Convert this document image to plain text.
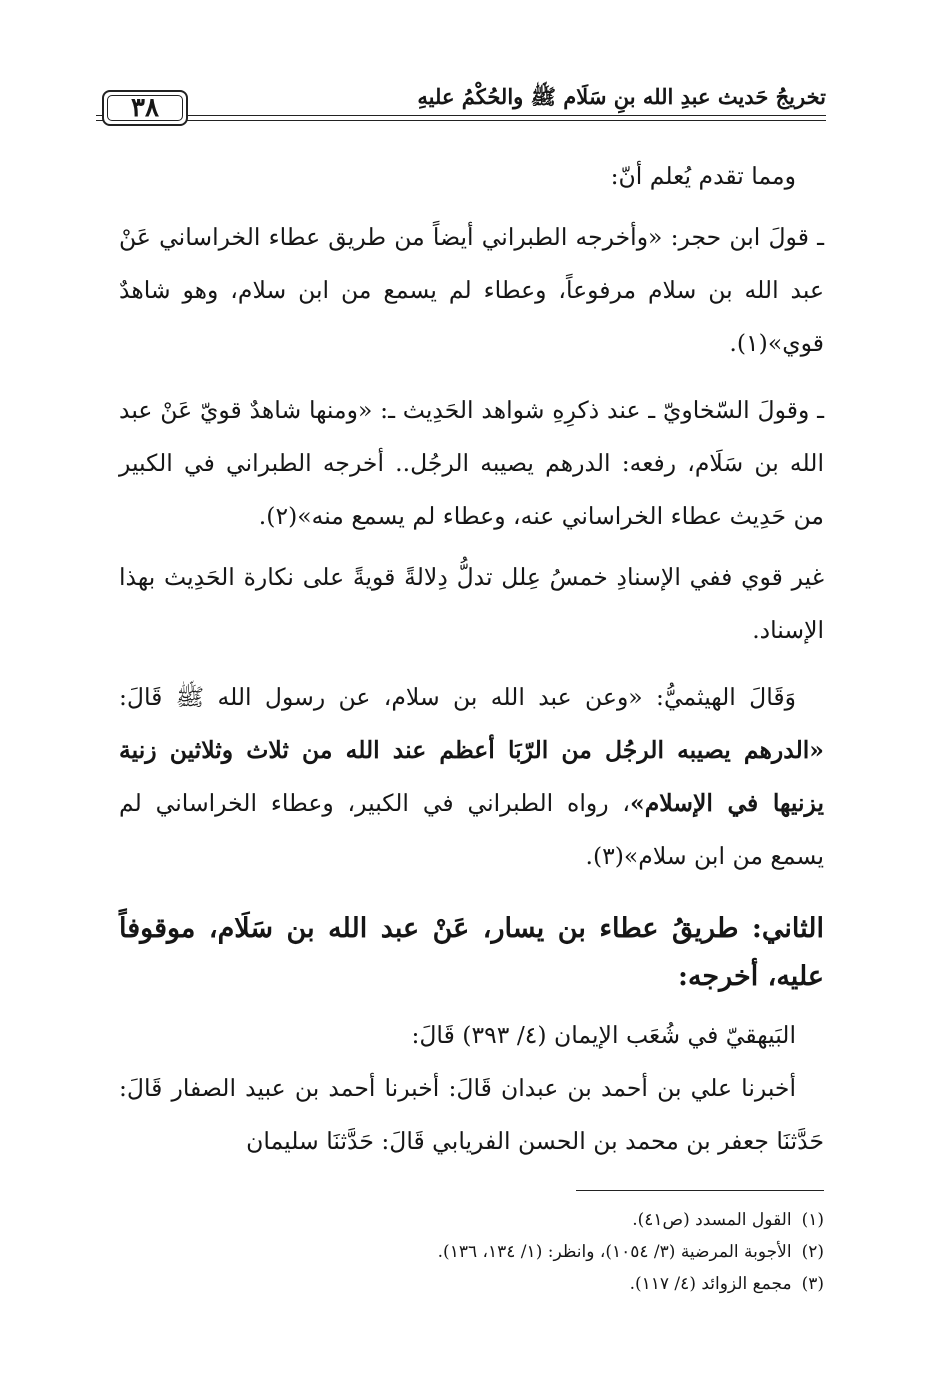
تخريجُ حَديث عبدِ الله بنِ سَلَام ﷺ والحُكْمُ عليهِ
٣٨

ومما تقدم يُعلم أنّ:

ـ قولَ ابن حجر: «وأخرجه الطبراني أيضاً من طريق عطاء الخراساني عَنْ عبد الله بن سلام مرفوعاً، وعطاء لم يسمع من ابن سلام، وهو شاهدٌ قوي»(١).

ـ وقولَ السّخاويّ ـ عند ذكرِهِ شواهد الحَدِيث ـ: «ومنها شاهدٌ قويّ عَنْ عبد الله بن سَلَام، رفعه: الدرهم يصيبه الرجُل.. أخرجه الطبراني في الكبير من حَدِيث عطاء الخراساني عنه، وعطاء لم يسمع منه»(٢).

غير قوي ففي الإسنادِ خمسُ عِلل تدلُّ دِلالةً قويةً على نكارة الحَدِيث بهذا الإسناد.

وَقَالَ الهيثميُّ: «وعن عبد الله بن سلام، عن رسول الله ﷺ قَالَ: «الدرهم يصيبه الرجُل من الرّبَا أعظم عند الله من ثلاث وثلاثين زنية يزنيها في الإسلام»، رواه الطبراني في الكبير، وعطاء الخراساني لم يسمع من ابن سلام»(٣).

الثاني: طريقُ عطاء بن يسار، عَنْ عبد الله بن سَلَام، موقوفاً عليه، أخرجه:

البَيهقيّ في شُعَب الإيمان (٤/ ٣٩٣) قَالَ:

أخبرنا علي بن أحمد بن عبدان قَالَ: أخبرنا أحمد بن عبيد الصفار قَالَ: حَدَّثنَا جعفر بن محمد بن الحسن الفريابي قَالَ: حَدَّثنَا سليمان

(١)القول المسدد (ص٤١).
(٢)الأجوبة المرضية (٣/ ١٠٥٤)، وانظر: (١/ ١٣٤، ١٣٦).
(٣)مجمع الزوائد (٤/ ١١٧).
